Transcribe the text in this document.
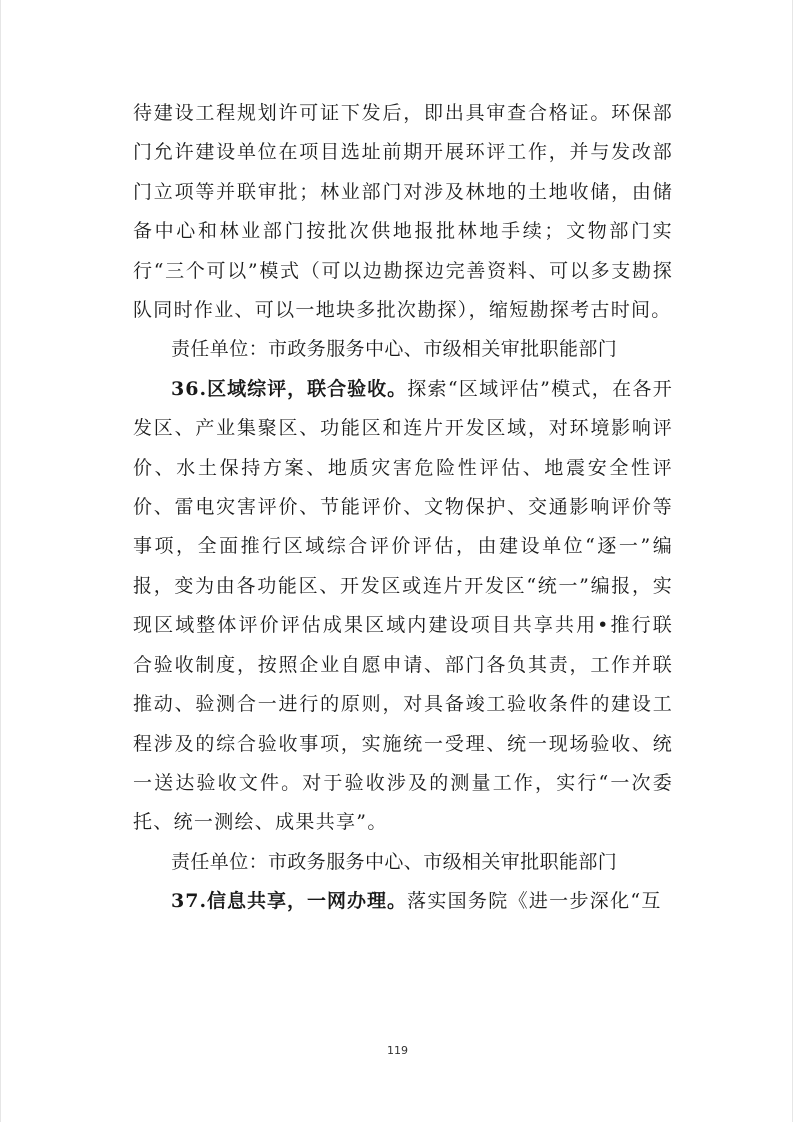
待建设工程规划许可证下发后，即出具审查合格证。环保部门允许建设单位在项目选址前期开展环评工作，并与发改部门立项等并联审批；林业部门对涉及林地的土地收储，由储备中心和林业部门按批次供地报批林地手续；文物部门实行“三个可以”模式（可以边勘探边完善资料、可以多支勘探队同时作业、可以一地块多批次勘探），缩短勘探考古时间。

责任单位：市政务服务中心、市级相关审批职能部门

36.区域综评，联合验收。探索“区域评估”模式，在各开发区、产业集聚区、功能区和连片开发区域，对环境影响评价、水土保持方案、地质灾害危险性评估、地震安全性评价、雷电灾害评价、节能评价、文物保护、交通影响评价等事项，全面推行区域综合评价评估，由建设单位“逐一”编报，变为由各功能区、开发区或连片开发区“统一”编报，实现区域整体评价评估成果区域内建设项目共享共用•推行联合验收制度，按照企业自愿申请、部门各负其责，工作并联推动、验测合一进行的原则，对具备竣工验收条件的建设工程涉及的综合验收事项，实施统一受理、统一现场验收、统一送达验收文件。对于验收涉及的测量工作，实行“一次委托、统一测绘、成果共享”。

责任单位：市政务服务中心、市级相关审批职能部门

37.信息共享，一网办理。落实国务院《进一步深化“互

119
